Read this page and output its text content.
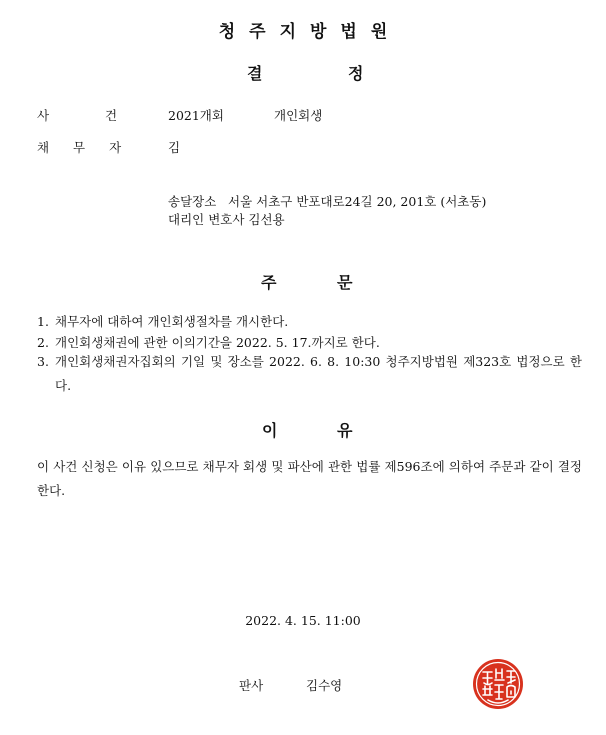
청주지방법원
결	정
사 건	2021개회	개인회생
채 무 자	김
송달장소 서울 서초구 반포대로24길 20, 201호 (서초동)
대리인 변호사 김선용
주	문
1. 채무자에 대하여 개인회생절차를 개시한다.
2. 개인회생채권에 관한 이의기간을 2022. 5. 17.까지로 한다.
3. 개인회생채권자집회의 기일 및 장소를 2022. 6. 8. 10:30 청주지방법원 제323호 법정으로 한다.
이	유
이 사건 신청은 이유 있으므로 채무자 회생 및 파산에 관한 법률 제596조에 의하여 주문과 같이 결정한다.
2022. 4. 15. 11:00
판사	김수영
